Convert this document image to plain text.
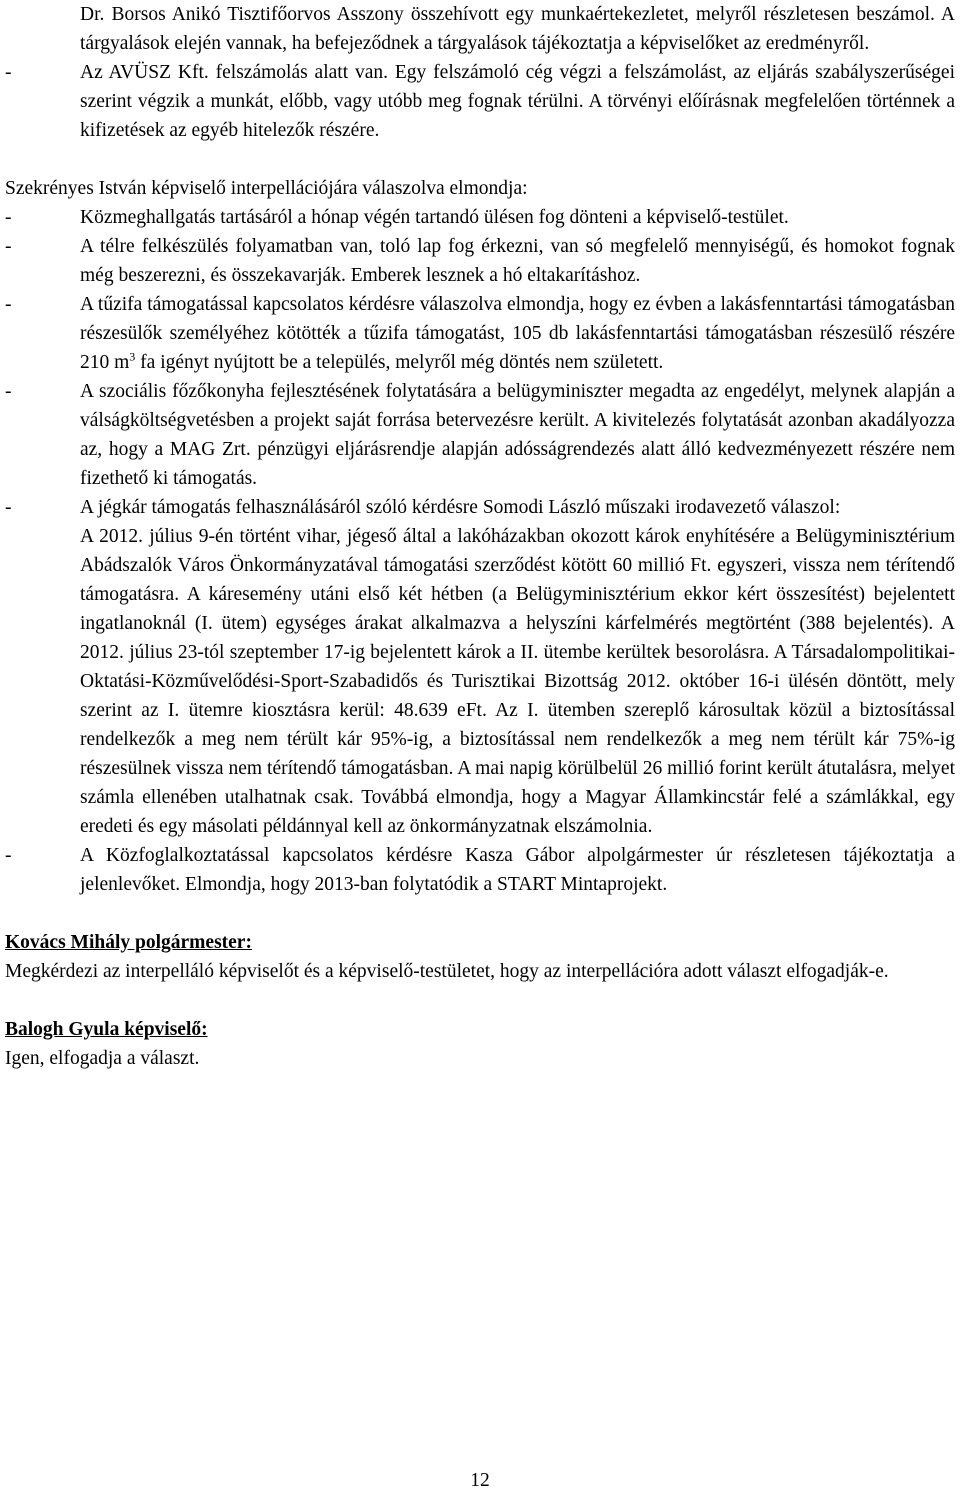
Dr. Borsos Anikó Tisztifőorvos Asszony összehívott egy munkaértekezletet, melyről részletesen beszámol. A tárgyalások elején vannak, ha befejeződnek a tárgyalások tájékoztatja a képviselőket az eredményről.

-	Az AVÜSZ Kft. felszámolás alatt van. Egy felszámoló cég végzi a felszámolást, az eljárás szabályszerűségei szerint végzik a munkát, előbb, vagy utóbb meg fognak térülni. A törvényi előírásnak megfelelően történnek a kifizetések az egyéb hitelezők részére.

Szekrényes István képviselő interpellációjára válaszolva elmondja:

-	Közmeghallgatás tartásáról a hónap végén tartandó ülésen fog dönteni a képviselő-testület.
-	A télre felkészülés folyamatban van, toló lap fog érkezni, van só megfelelő mennyiségű, és homokot fognak még beszerezni, és összekavarják. Emberek lesznek a hó eltakarításhoz.
-	A tűzifa támogatással kapcsolatos kérdésre válaszolva elmondja, hogy ez évben a lakásfenntartási támogatásban részesülők személyéhez kötötték a tűzifa támogatást, 105 db lakásfenntartási támogatásban részesülő részére 210 $m^3$ fa igényt nyújtott be a település, melyről még döntés nem született.
-	A szociális főzőkonyha fejlesztésének folytatására a belügyminiszter megadta az engedélyt, melynek alapján a válságköltségvetésben a projekt saját forrása betervezésre került. A kivitelezés folytatását azonban akadályozza az, hogy a MAG Zrt. pénzügyi eljárásrendje alapján adósságrendezés alatt álló kedvezményezett részére nem fizethető ki támogatás.
-	A jégkár támogatás felhasználásáról szóló kérdésre Somodi László műszaki irodavezető válaszol:
A 2012. július 9-én történt vihar, jégeső által a lakóházakban okozott károk enyhítésére a Belügyminisztérium Abádszalók Város Önkormányzatával támogatási szerződést kötött 60 millió Ft. egyszeri, vissza nem térítendő támogatásra. A káresemény utáni első két hétben (a Belügyminisztérium ekkor kért összesítést) bejelentett ingatlanoknál (I. ütem) egységes árakat alkalmazva a helyszíni kárfelmérés megtörtént (388 bejelentés). A 2012. július 23-tól szeptember 17-ig bejelentett károk a II. ütembe kerültek besorolásra. A Társadalompolitikai-Oktatási-Közművelődési-Sport-Szabadidős és Turisztikai Bizottság 2012. október 16-i ülésén döntött, mely szerint az I. ütemre kiosztásra kerül: 48.639 eFt. Az I. ütemben szereplő károsultak közül a biztosítással rendelkezők a meg nem térült kár 95%-ig, a biztosítással nem rendelkezők a meg nem térült kár 75%-ig részesülnek vissza nem térítendő támogatásban. A mai napig körülbelül 26 millió forint került átutalásra, melyet számla ellenében utalhatnak csak. Továbbá elmondja, hogy a Magyar Államkincstár felé a számlákkal, egy eredeti és egy másolati példánnyal kell az önkormányzatnak elszámolnia.
-	A Közfoglalkoztatással kapcsolatos kérdésre Kasza Gábor alpolgármester úr részletesen tájékoztatja a jelenlevőket. Elmondja, hogy 2013-ban folytatódik a START Mintaprojekt.

Kovács Mihály polgármester:

Megkérdezi az interpelláló képviselőt és a képviselő-testületet, hogy az interpellációra adott választ elfogadják-e.

Balogh Gyula képviselő:

Igen, elfogadja a választ.

12
